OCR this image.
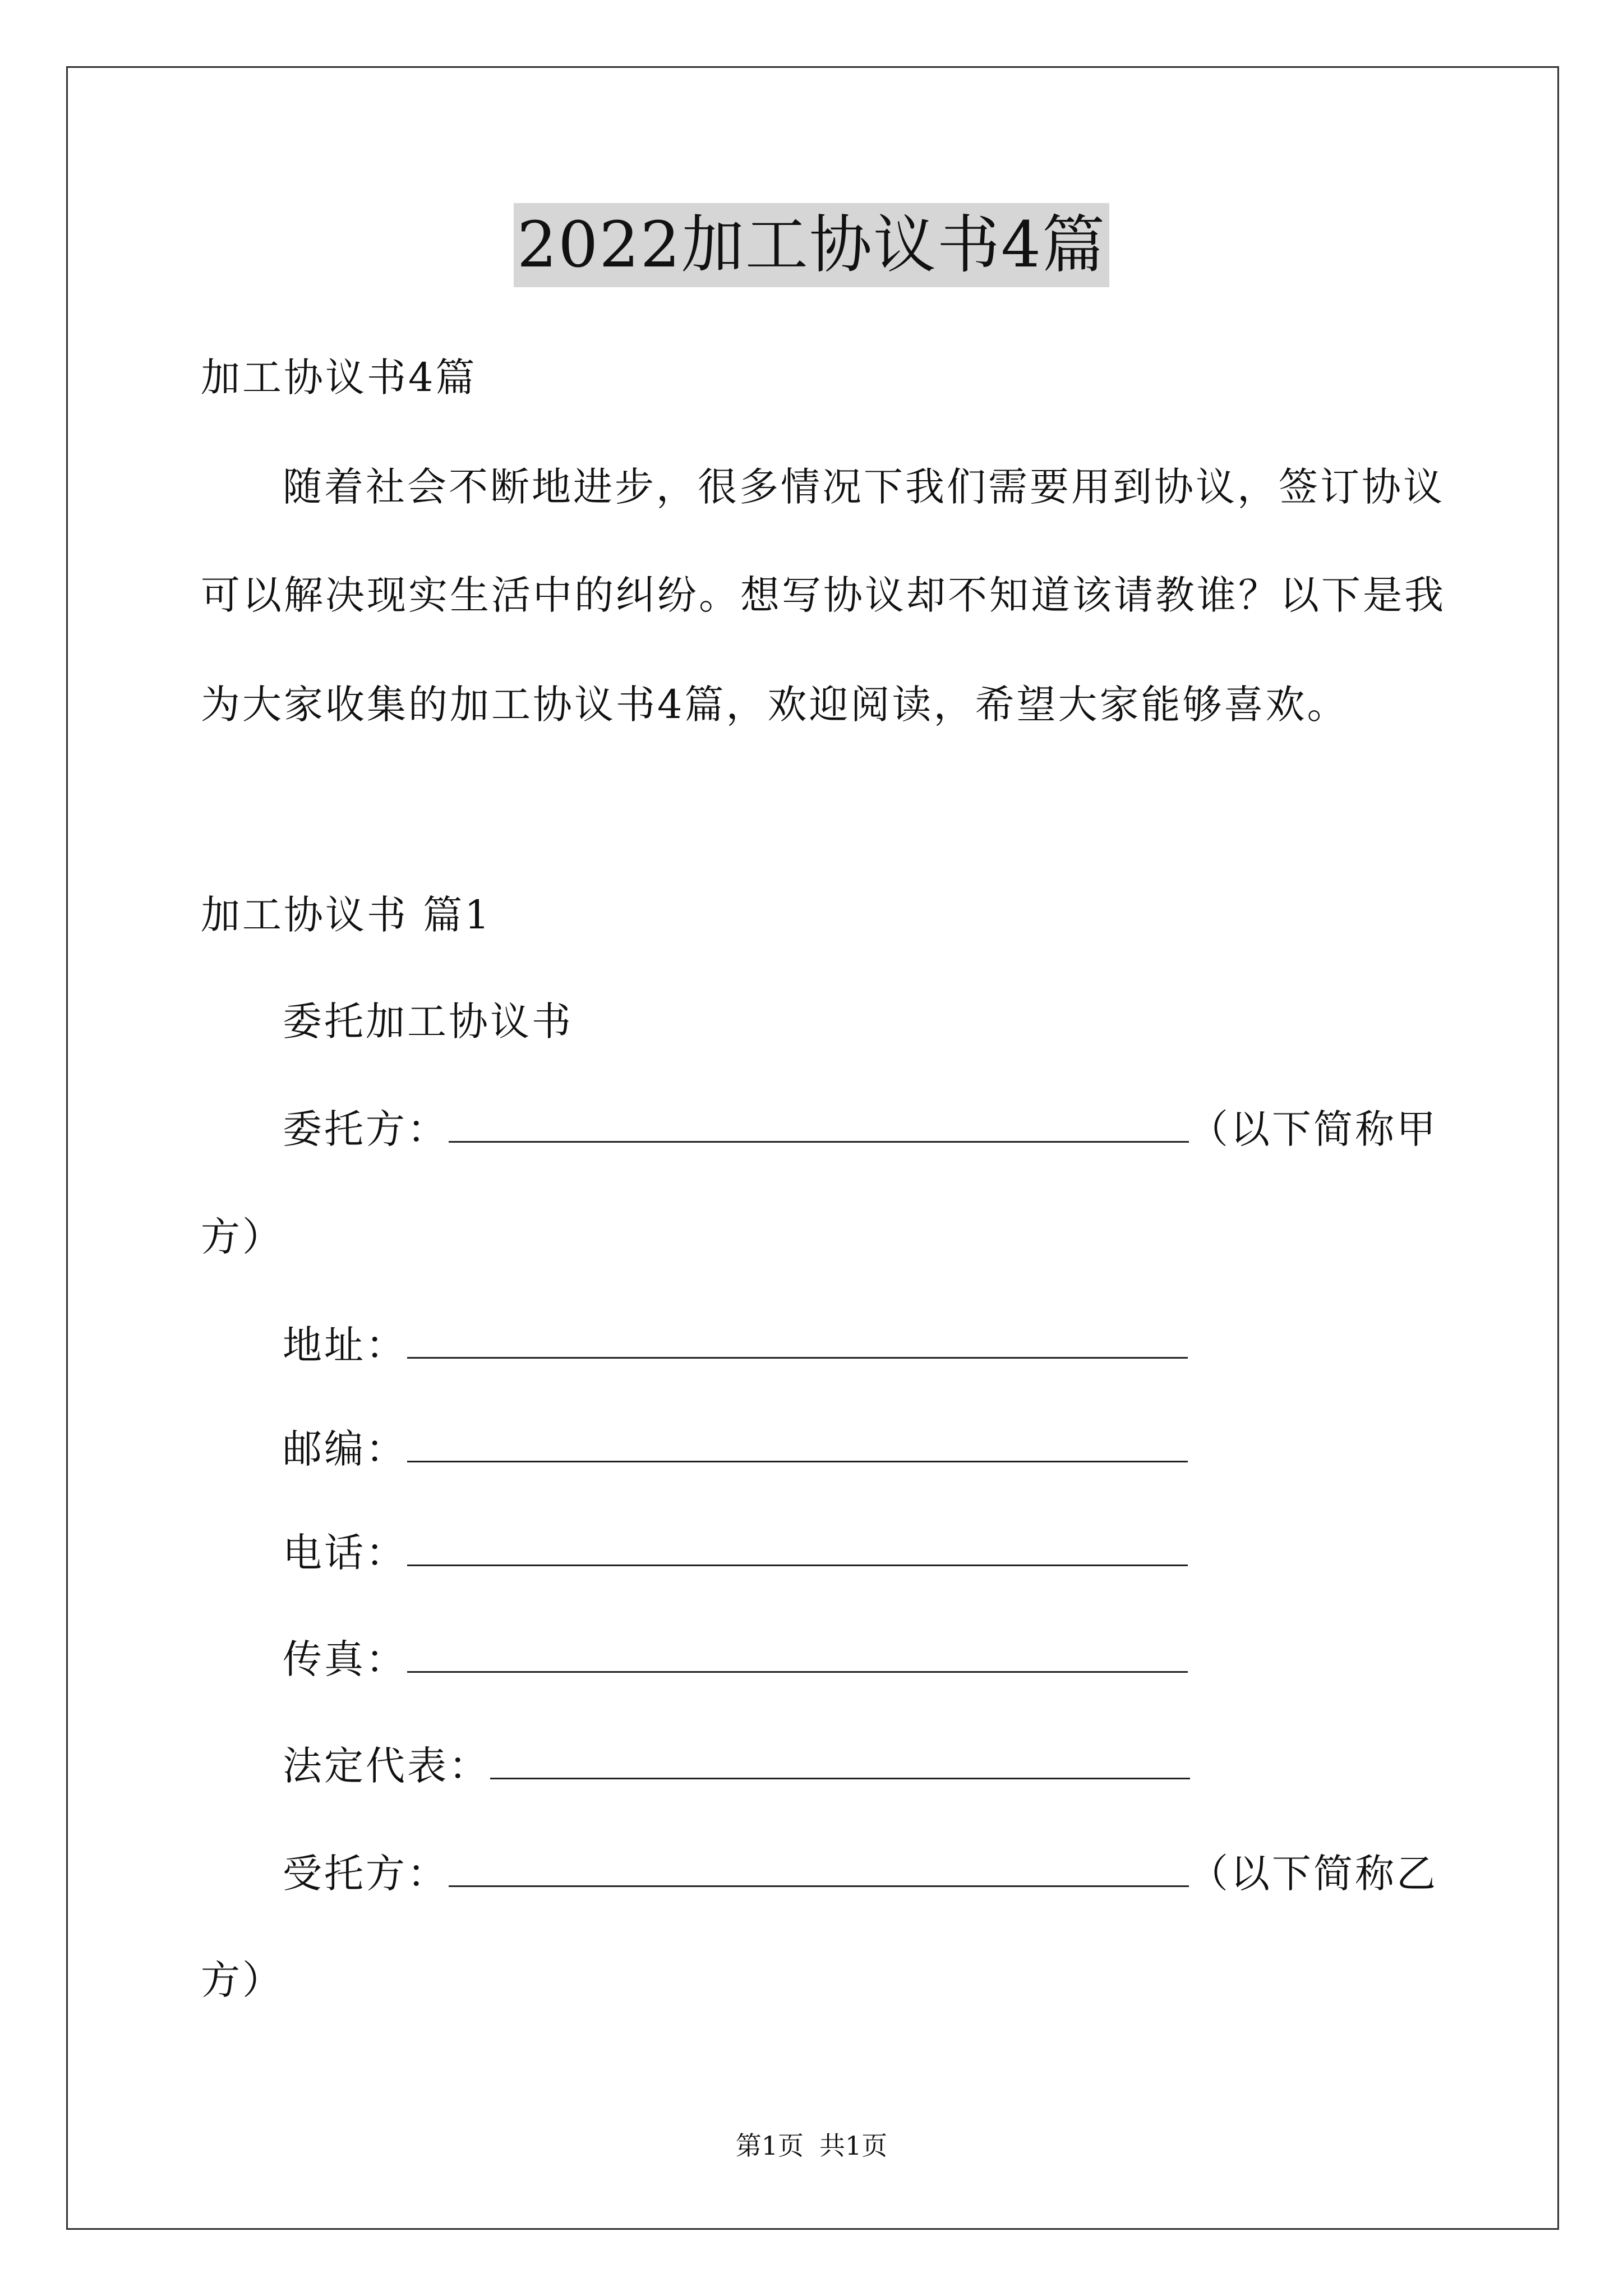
2022加工协议书4篇
加工协议书4篇
随着社会不断地进步，很多情况下我们需要用到协议，签订协议
可以解决现实生活中的纠纷。想写协议却不知道该请教谁？以下是我
为大家收集的加工协议书4篇，欢迎阅读，希望大家能够喜欢。
加工协议书 篇1
委托加工协议书
委托方：	（以下简称甲
方）
地址：
邮编：
电话：
传真：
法定代表：
受托方：	（以下简称乙
方）
第1页 共1页
